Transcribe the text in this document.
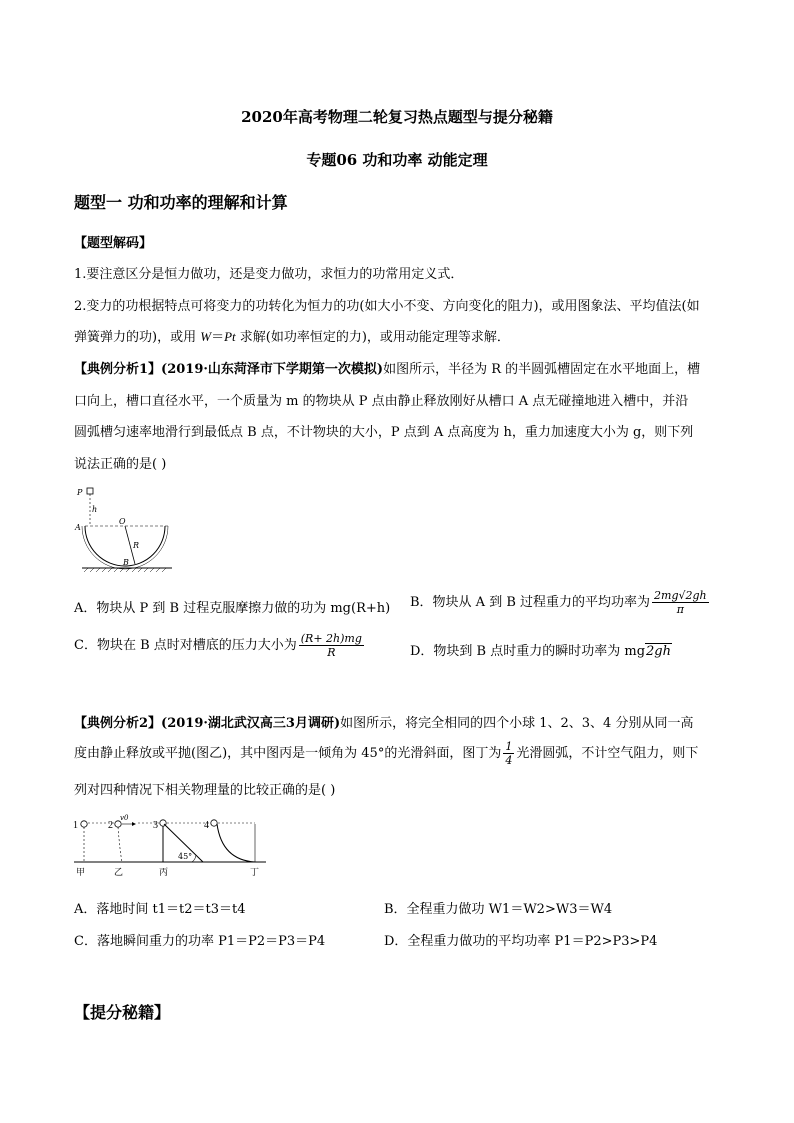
2020年高考物理二轮复习热点题型与提分秘籍
专题06 功和功率 动能定理
题型一 功和功率的理解和计算
【题型解码】
1.要注意区分是恒力做功，还是变力做功，求恒力的功常用定义式．
2.变力的功根据特点可将变力的功转化为恒力的功(如大小不变、方向变化的阻力)，或用图象法、平均值法(如
弹簧弹力的功)，或用 W＝Pt 求解(如功率恒定的力)，或用动能定理等求解．
【典例分析1】(2019·山东菏泽市下学期第一次模拟)如图所示，半径为 R 的半圆弧槽固定在水平地面上，槽
口向上，槽口直径水平，一个质量为 m 的物块从 P 点由静止释放刚好从槽口 A 点无碰撞地进入槽中，并沿
圆弧槽匀速率地滑行到最低点 B 点，不计物块的大小，P 点到 A 点高度为 h，重力加速度大小为 g，则下列
说法正确的是( )
P
h
A
O
R
B
A．物块从 P 到 B 过程克服摩擦力做的功为 mg(R+h) B．物块从 A 到 B 过程重力的平均功率为 $\frac{2mg√2gh}{\pi}$
C．物块在 B 点时对槽底的压力大小为 $\frac{(R+ 2h)mg}{R}$	D．物块到 B 点时重力的瞬时功率为 mg2gh
【典例分析2】(2019·湖北武汉高三3月调研)如图所示，将完全相同的四个小球 1、2、3、4 分别从同一高
度由静止释放或平抛(图乙)，其中图丙是一倾角为 45°的光滑斜面，图丁为 $\frac{1}{4}$ 光滑圆弧，不计空气阻力，则下
列对四种情况下相关物理量的比较正确的是( )
1	2
v0
3	4
45°
甲	乙	丙	丁
A．落地时间 t1＝t2＝t3＝t4	B．全程重力做功 W1＝W2>W3＝W4
C．落地瞬间重力的功率 P1＝P2＝P3＝P4	D．全程重力做功的平均功率 P1＝P2>P3>P4
【提分秘籍】
